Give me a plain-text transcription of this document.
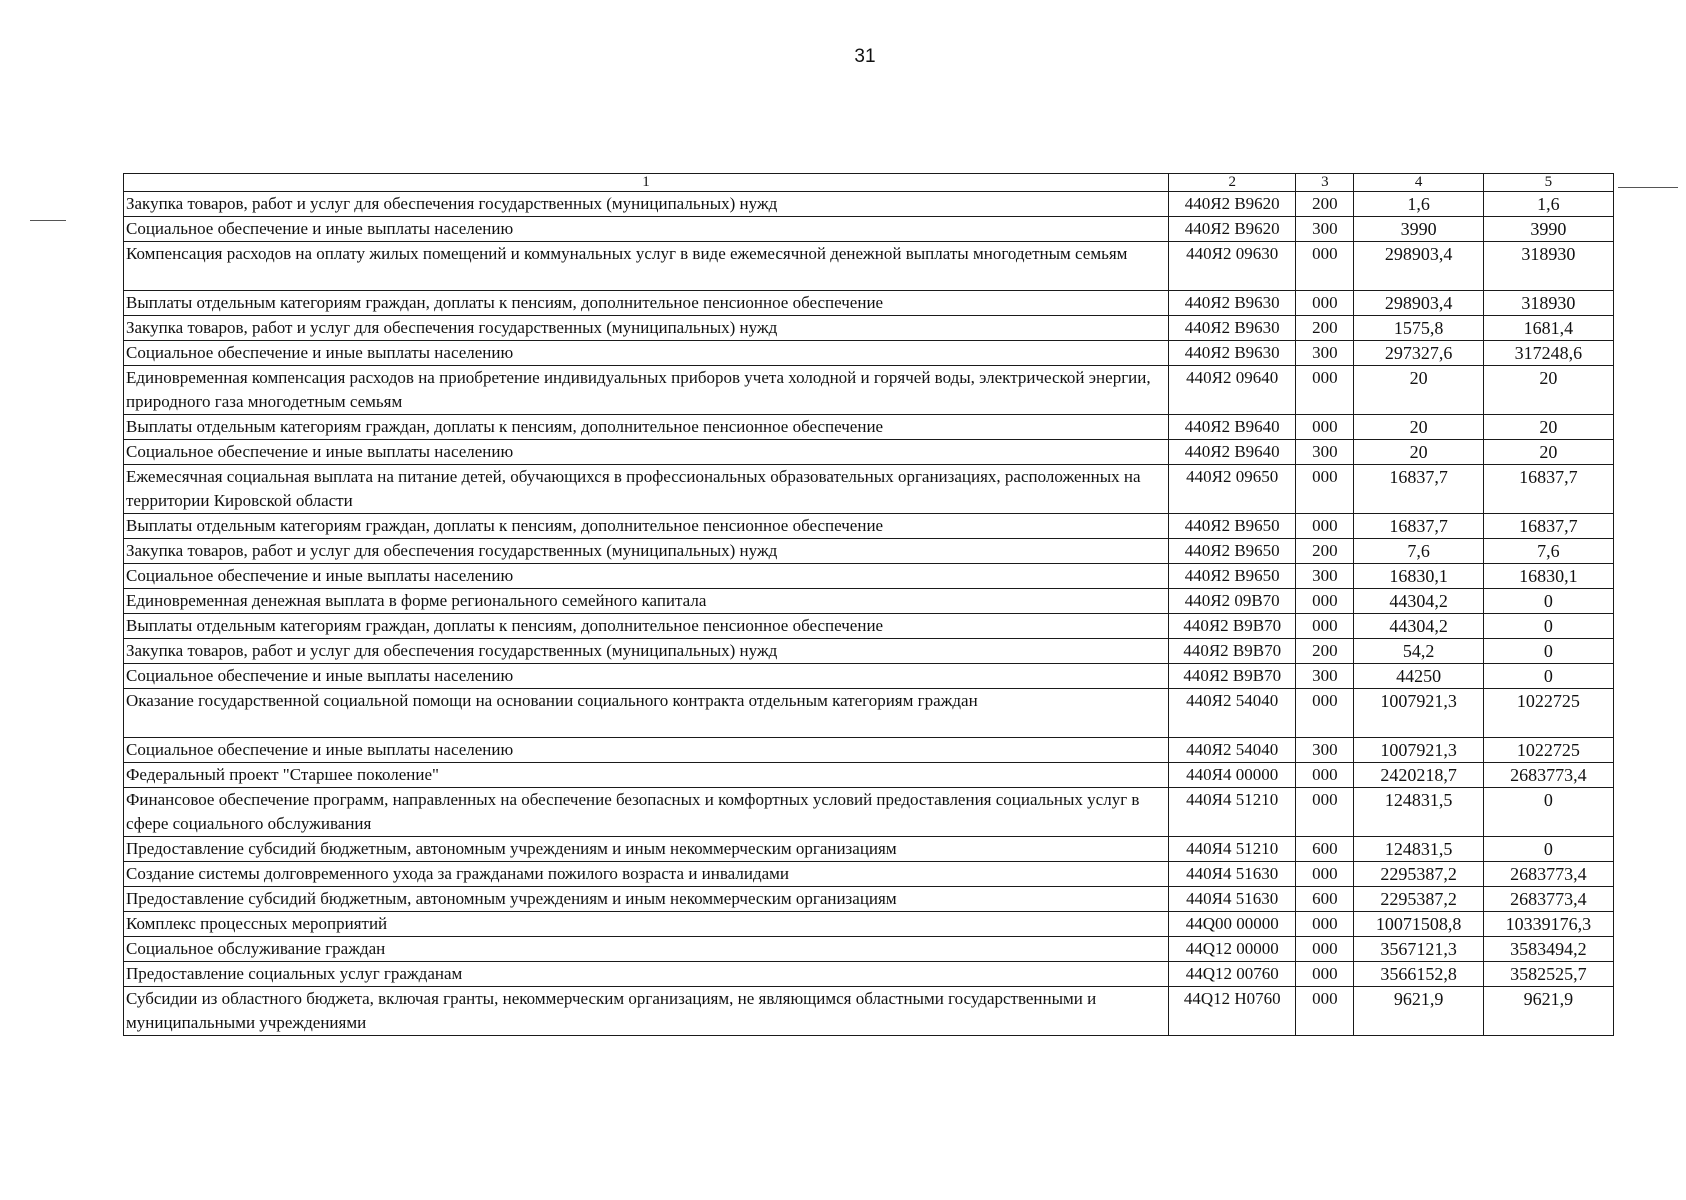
31
1	2	3	4	5
Закупка товаров, работ и услуг для обеспечения государственных (муниципальных) нужд	440Я2 В9620	200	1,6	1,6
Социальное обеспечение и иные выплаты населению	440Я2 В9620	300	3990	3990
Компенсация расходов на оплату жилых помещений и коммунальных услуг в виде ежемесячной денежной выплаты многодетным семьям	440Я2 09630	000	298903,4	318930
Выплаты отдельным категориям граждан, доплаты к пенсиям, дополнительное пенсионное обеспечение	440Я2 В9630	000	298903,4	318930
Закупка товаров, работ и услуг для обеспечения государственных (муниципальных) нужд	440Я2 В9630	200	1575,8	1681,4
Социальное обеспечение и иные выплаты населению	440Я2 В9630	300	297327,6	317248,6
Единовременная компенсация расходов на приобретение индивидуальных приборов учета холодной и горячей воды, электрической энергии, природного газа многодетным семьям	440Я2 09640	000	20	20
Выплаты отдельным категориям граждан, доплаты к пенсиям, дополнительное пенсионное обеспечение	440Я2 В9640	000	20	20
Социальное обеспечение и иные выплаты населению	440Я2 В9640	300	20	20
Ежемесячная социальная выплата на питание детей, обучающихся в профессиональных образовательных организациях, расположенных на территории Кировской области	440Я2 09650	000	16837,7	16837,7
Выплаты отдельным категориям граждан, доплаты к пенсиям, дополнительное пенсионное обеспечение	440Я2 В9650	000	16837,7	16837,7
Закупка товаров, работ и услуг для обеспечения государственных (муниципальных) нужд	440Я2 В9650	200	7,6	7,6
Социальное обеспечение и иные выплаты населению	440Я2 В9650	300	16830,1	16830,1
Единовременная денежная выплата в форме регионального семейного капитала	440Я2 09В70	000	44304,2	0
Выплаты отдельным категориям граждан, доплаты к пенсиям, дополнительное пенсионное обеспечение	440Я2 В9В70	000	44304,2	0
Закупка товаров, работ и услуг для обеспечения государственных (муниципальных) нужд	440Я2 В9В70	200	54,2	0
Социальное обеспечение и иные выплаты населению	440Я2 В9В70	300	44250	0
Оказание государственной социальной помощи на основании социального контракта отдельным категориям граждан	440Я2 54040	000	1007921,3	1022725
Социальное обеспечение и иные выплаты населению	440Я2 54040	300	1007921,3	1022725
Федеральный проект "Старшее поколение"	440Я4 00000	000	2420218,7	2683773,4
Финансовое обеспечение программ, направленных на обеспечение безопасных и комфортных условий предоставления социальных услуг в сфере социального обслуживания	440Я4 51210	000	124831,5	0
Предоставление субсидий бюджетным, автономным учреждениям и иным некоммерческим организациям	440Я4 51210	600	124831,5	0
Создание системы долговременного ухода за гражданами пожилого возраста и инвалидами	440Я4 51630	000	2295387,2	2683773,4
Предоставление субсидий бюджетным, автономным учреждениям и иным некоммерческим организациям	440Я4 51630	600	2295387,2	2683773,4
Комплекс процессных мероприятий	44Q00 00000	000	10071508,8	10339176,3
Социальное обслуживание граждан	44Q12 00000	000	3567121,3	3583494,2
Предоставление социальных услуг гражданам	44Q12 00760	000	3566152,8	3582525,7
Субсидии из областного бюджета, включая гранты, некоммерческим организациям, не являющимся областными государственными и муниципальными учреждениями	44Q12 Н0760	000	9621,9	9621,9
